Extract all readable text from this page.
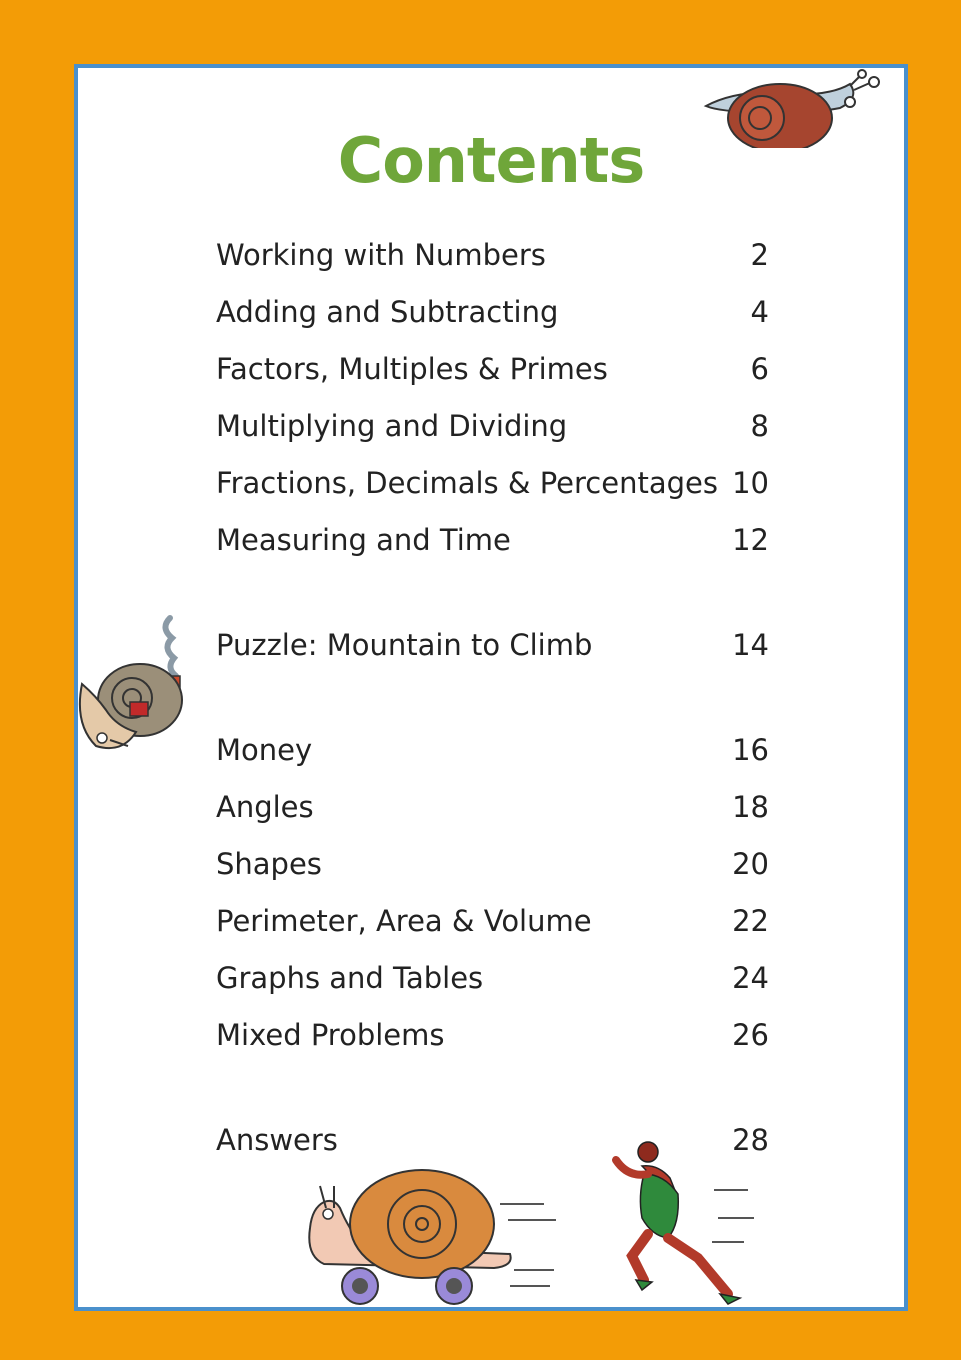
Contents
Working with Numbers	2
Adding and Subtracting	4
Factors, Multiples & Primes	6
Multiplying and Dividing	8
Fractions, Decimals & Percentages 10
Measuring and Time	12
Puzzle: Mountain to Climb	14
Money	16
Angles	18
Shapes	20
Perimeter, Area & Volume	22
Graphs and Tables	24
Mixed Problems	26
Answers	28
